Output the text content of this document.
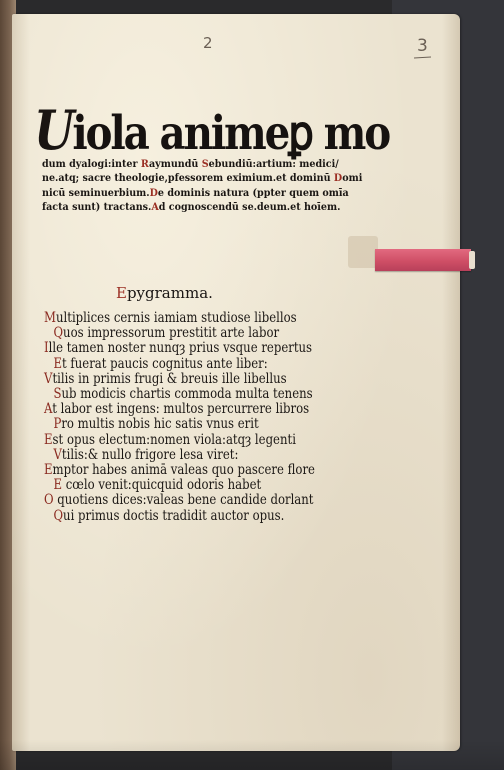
2	3
Uiola animeꝑ mo
dum dyalogi:inter Raymundū Sebundiū:artium: medici/
ne.atq; sacre theologie,pfessorem eximium.et dominū Domi
nicū seminuerbium.De dominis natura (ppter quem omīa
facta sunt) tractans.Ad cognoscendū se.deum.et hoīem.
Epygramma.
Multiplices cernis iamiam studiose libellos
Quos impressorum prestitit arte labor
Ille tamen noster nunqȝ prius vsque repertus
Et fuerat paucis cognitus ante liber:
Vtilis in primis frugi & breuis ille libellus
Sub modicis chartis commoda multa tenens
At labor est ingens: multos percurrere libros
Pro multis nobis hic satis vnus erit
Est opus electum:nomen viola:atqȝ legenti
Vtilis:& nullo frigore lesa viret:
Emptor habes animā valeas quo pascere flore
E cœlo venit:quicquid odoris habet
O quotiens dices:valeas bene candide dorlant
Qui primus doctis tradidit auctor opus.
